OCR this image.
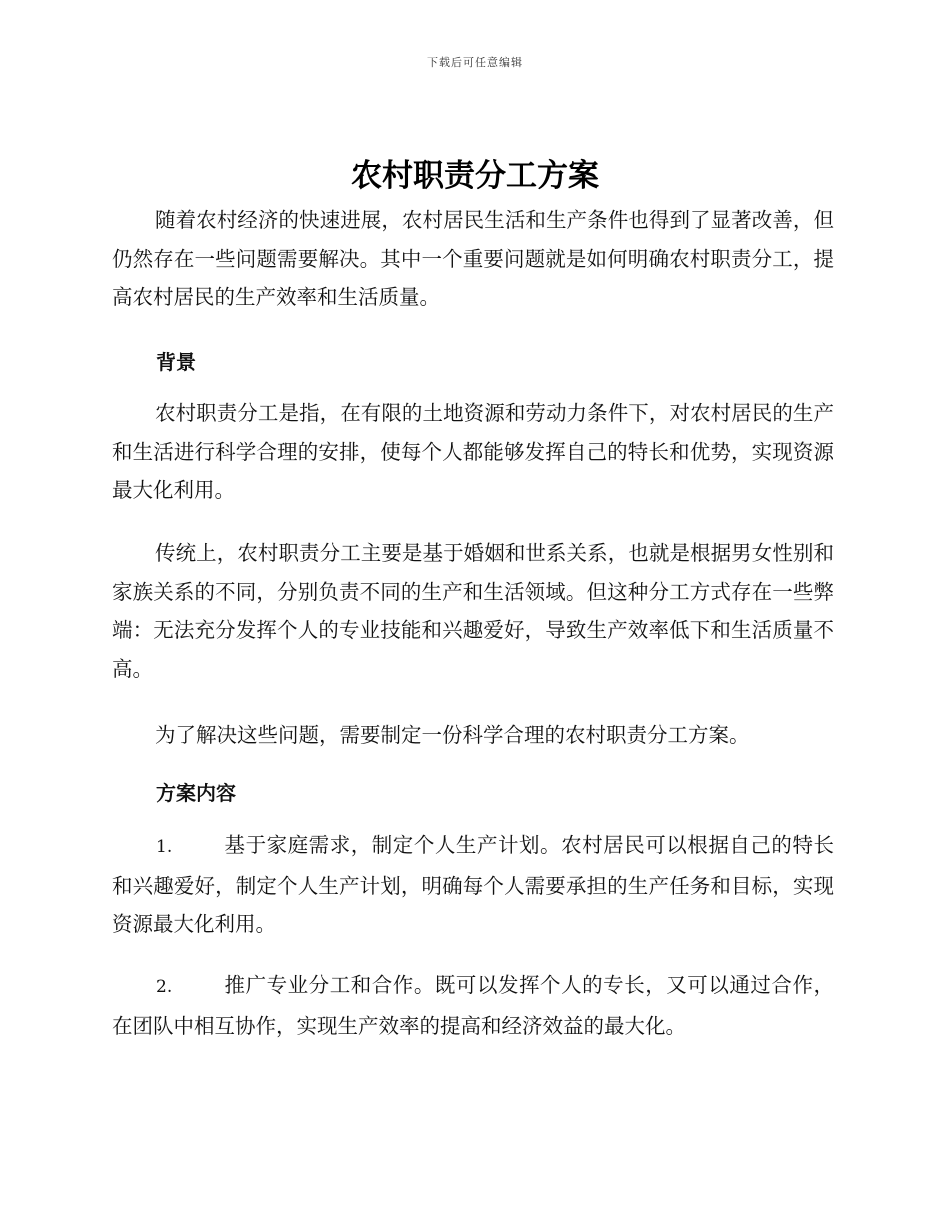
下载后可任意编辑
农村职责分工方案

随着农村经济的快速进展，农村居民生活和生产条件也得到了显著改善，但仍然存在一些问题需要解决。其中一个重要问题就是如何明确农村职责分工，提高农村居民的生产效率和生活质量。

背景

农村职责分工是指，在有限的土地资源和劳动力条件下，对农村居民的生产和生活进行科学合理的安排，使每个人都能够发挥自己的特长和优势，实现资源最大化利用。

传统上，农村职责分工主要是基于婚姻和世系关系，也就是根据男女性别和家族关系的不同，分别负责不同的生产和生活领域。但这种分工方式存在一些弊端：无法充分发挥个人的专业技能和兴趣爱好，导致生产效率低下和生活质量不高。

为了解决这些问题，需要制定一份科学合理的农村职责分工方案。

方案内容
1.	基于家庭需求，制定个人生产计划。农村居民可以根据自己的特长和兴趣爱好，制定个人生产计划，明确每个人需要承担的生产任务和目标，实现资源最大化利用。
2.	推广专业分工和合作。既可以发挥个人的专长，又可以通过合作，在团队中相互协作，实现生产效率的提高和经济效益的最大化。
